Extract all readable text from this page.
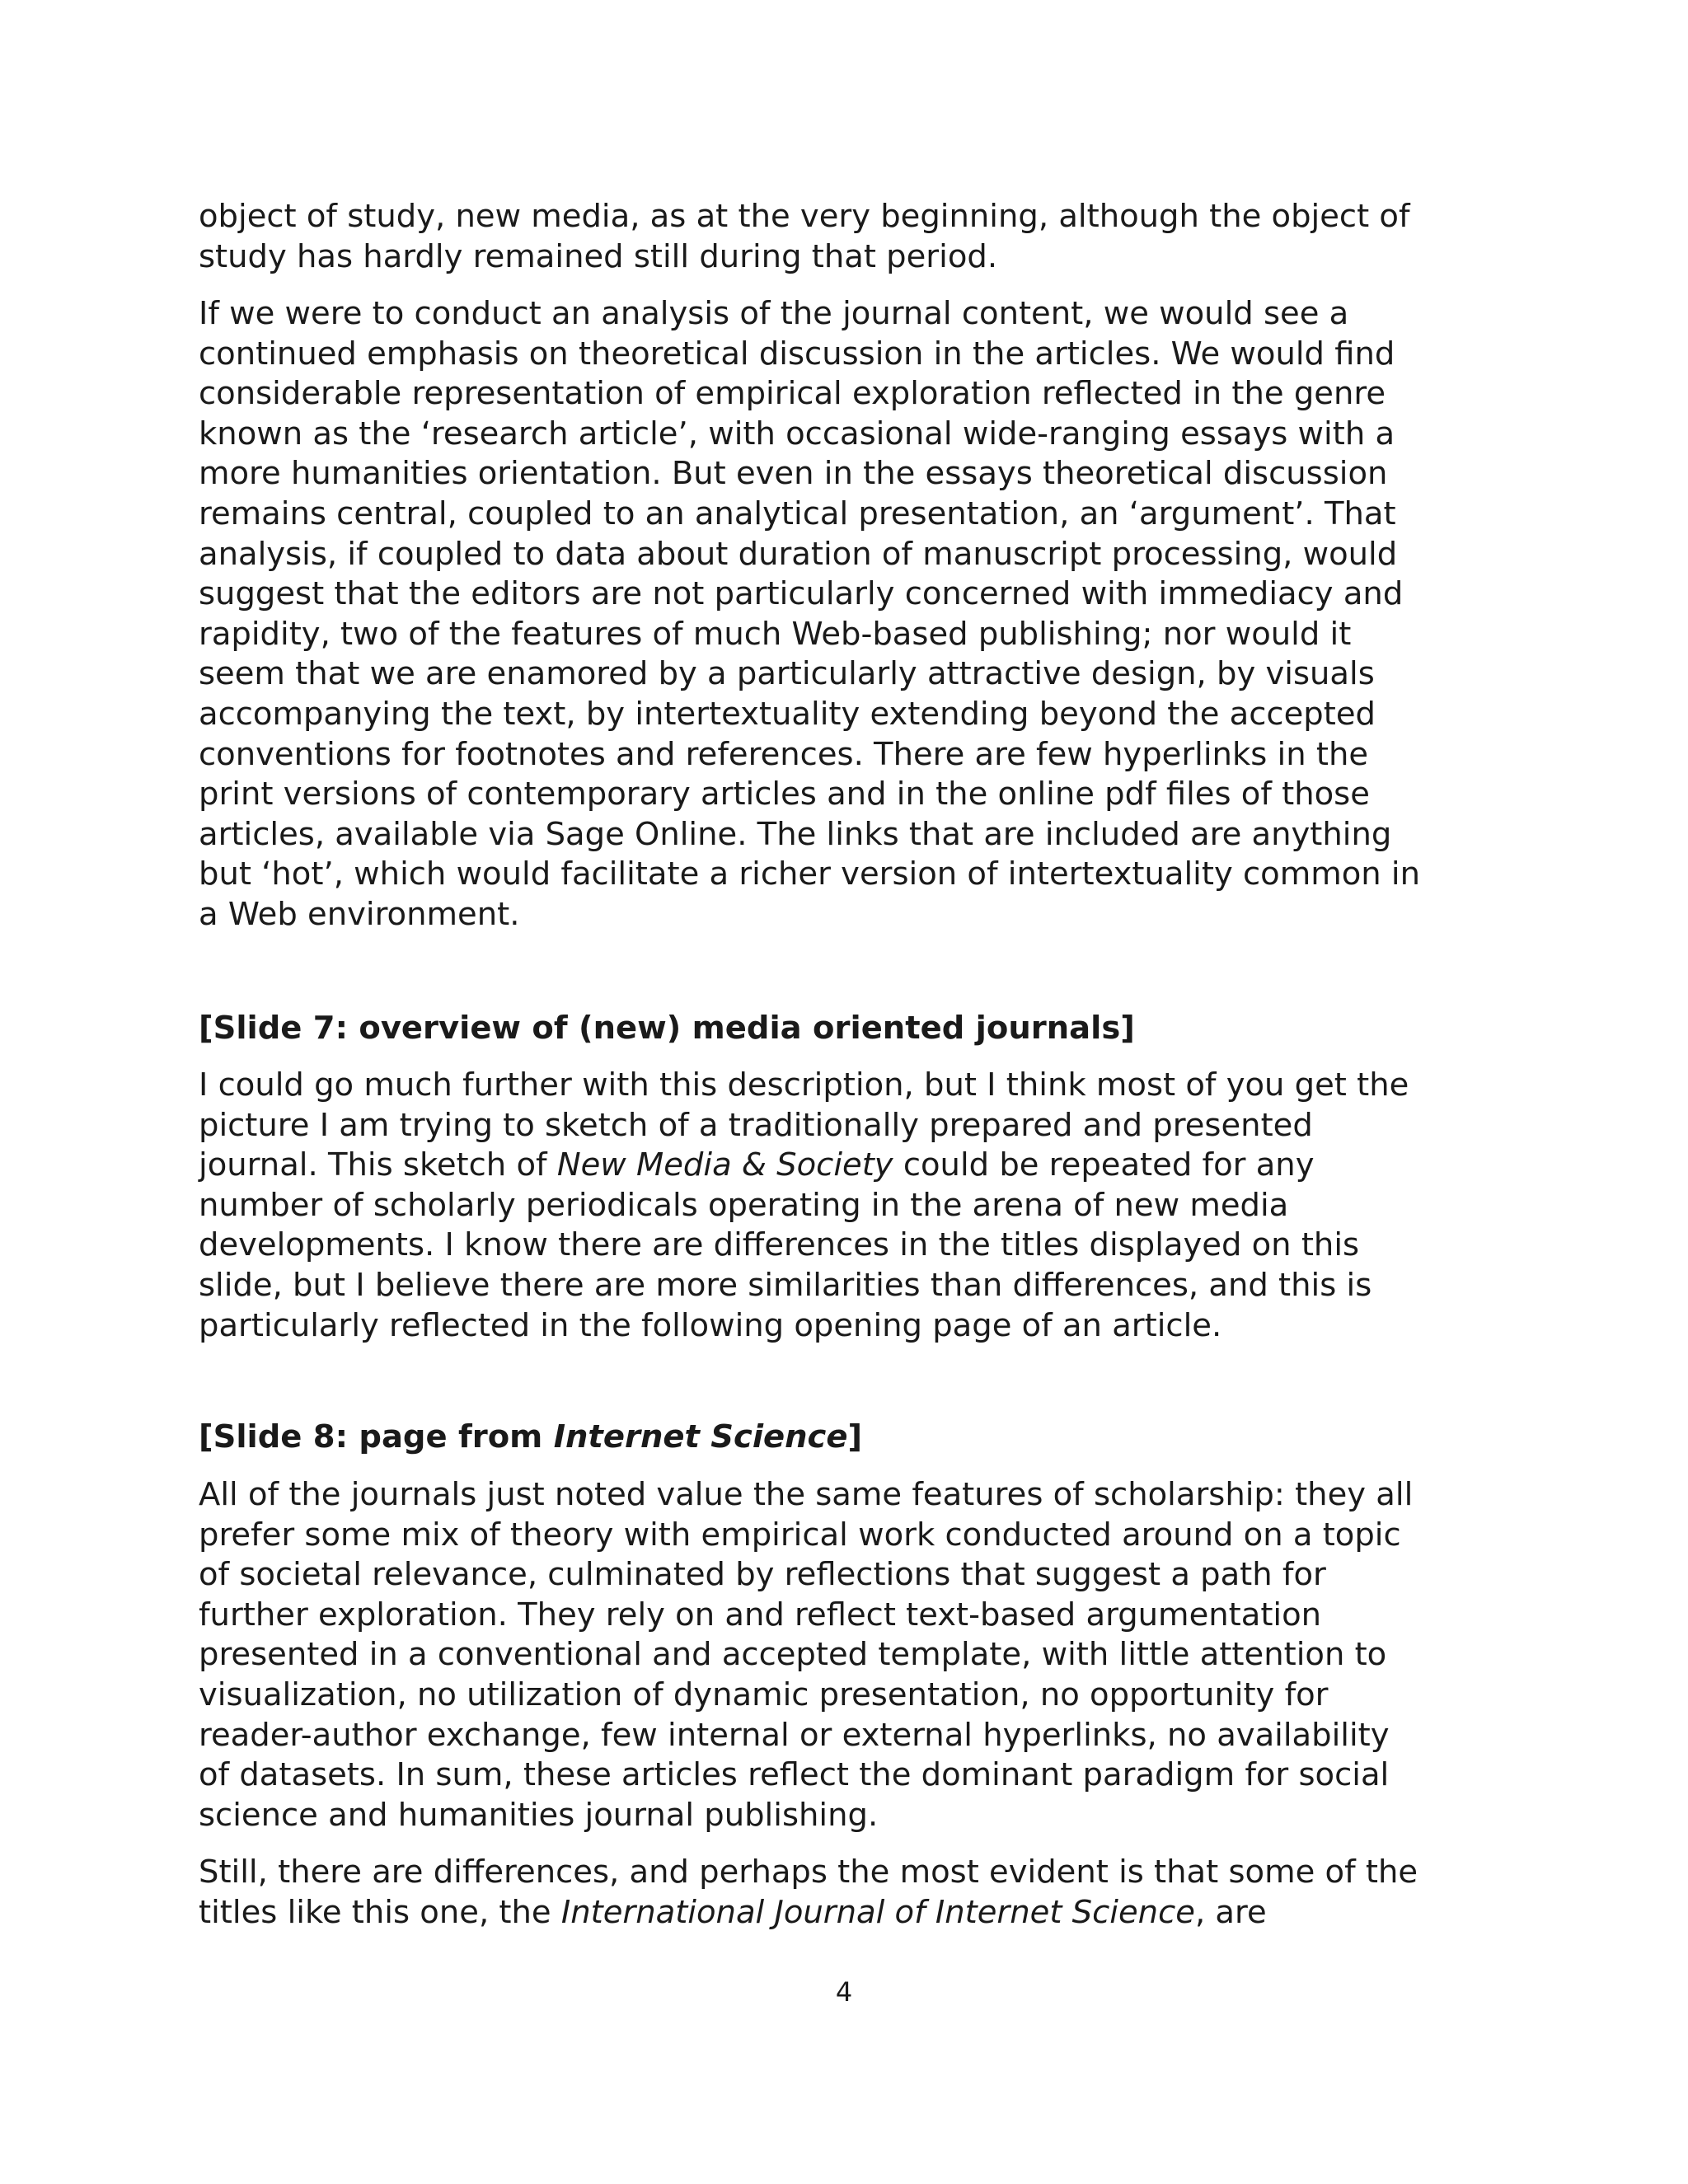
object of study, new media, as at the very beginning, although the object of
study has hardly remained still during that period.
If we were to conduct an analysis of the journal content, we would see a
continued emphasis on theoretical discussion in the articles. We would find
considerable representation of empirical exploration reflected in the genre
known as the ‘research article’, with occasional wide-ranging essays with a
more humanities orientation. But even in the essays theoretical discussion
remains central, coupled to an analytical presentation, an ‘argument’. That
analysis, if coupled to data about duration of manuscript processing, would
suggest that the editors are not particularly concerned with immediacy and
rapidity, two of the features of much Web-based publishing; nor would it
seem that we are enamored by a particularly attractive design, by visuals
accompanying the text, by intertextuality extending beyond the accepted
conventions for footnotes and references. There are few hyperlinks in the
print versions of contemporary articles and in the online pdf files of those
articles, available via Sage Online. The links that are included are anything
but ‘hot’, which would facilitate a richer version of intertextuality common in
a Web environment.
[Slide 7: overview of (new) media oriented journals]
I could go much further with this description, but I think most of you get the
picture I am trying to sketch of a traditionally prepared and presented
journal. This sketch of New Media & Society could be repeated for any
number of scholarly periodicals operating in the arena of new media
developments. I know there are differences in the titles displayed on this
slide, but I believe there are more similarities than differences, and this is
particularly reflected in the following opening page of an article.
[Slide 8: page from Internet Science]
All of the journals just noted value the same features of scholarship: they all
prefer some mix of theory with empirical work conducted around on a topic
of societal relevance, culminated by reflections that suggest a path for
further exploration. They rely on and reflect text-based argumentation
presented in a conventional and accepted template, with little attention to
visualization, no utilization of dynamic presentation, no opportunity for
reader-author exchange, few internal or external hyperlinks, no availability
of datasets. In sum, these articles reflect the dominant paradigm for social
science and humanities journal publishing.
Still, there are differences, and perhaps the most evident is that some of the
titles like this one, the International Journal of Internet Science, are
4
